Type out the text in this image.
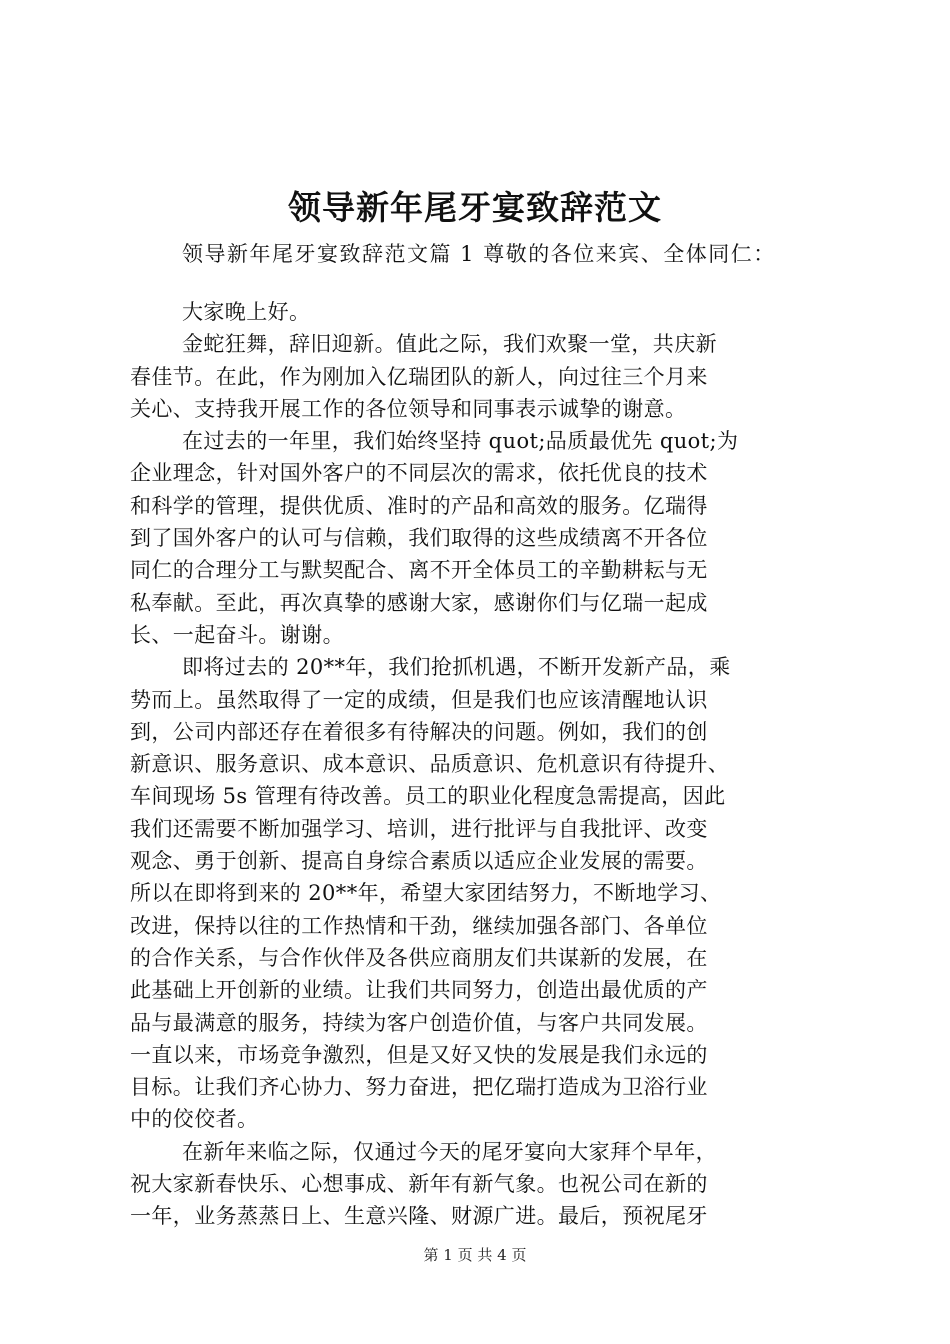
领导新年尾牙宴致辞范文
领导新年尾牙宴致辞范文篇 1 尊敬的各位来宾、全体同仁：
大家晚上好。
金蛇狂舞，辞旧迎新。值此之际，我们欢聚一堂，共庆新
春佳节。在此，作为刚加入亿瑞团队的新人，向过往三个月来
关心、支持我开展工作的各位领导和同事表示诚挚的谢意。
在过去的一年里，我们始终坚持 quot;品质最优先 quot;为
企业理念，针对国外客户的不同层次的需求，依托优良的技术
和科学的管理，提供优质、准时的产品和高效的服务。亿瑞得
到了国外客户的认可与信赖，我们取得的这些成绩离不开各位
同仁的合理分工与默契配合、离不开全体员工的辛勤耕耘与无
私奉献。至此，再次真挚的感谢大家，感谢你们与亿瑞一起成
长、一起奋斗。谢谢。
即将过去的 20**年，我们抢抓机遇，不断开发新产品，乘
势而上。虽然取得了一定的成绩，但是我们也应该清醒地认识
到，公司内部还存在着很多有待解决的问题。例如，我们的创
新意识、服务意识、成本意识、品质意识、危机意识有待提升、
车间现场 5s 管理有待改善。员工的职业化程度急需提高，因此
我们还需要不断加强学习、培训，进行批评与自我批评、改变
观念、勇于创新、提高自身综合素质以适应企业发展的需要。
所以在即将到来的 20**年，希望大家团结努力，不断地学习、
改进，保持以往的工作热情和干劲，继续加强各部门、各单位
的合作关系，与合作伙伴及各供应商朋友们共谋新的发展，在
此基础上开创新的业绩。让我们共同努力，创造出最优质的产
品与最满意的服务，持续为客户创造价值，与客户共同发展。
一直以来，市场竞争激烈，但是又好又快的发展是我们永远的
目标。让我们齐心协力、努力奋进，把亿瑞打造成为卫浴行业
中的佼佼者。
在新年来临之际，仅通过今天的尾牙宴向大家拜个早年，
祝大家新春快乐、心想事成、新年有新气象。也祝公司在新的
一年，业务蒸蒸日上、生意兴隆、财源广进。最后，预祝尾牙
第 1 页 共 4 页
